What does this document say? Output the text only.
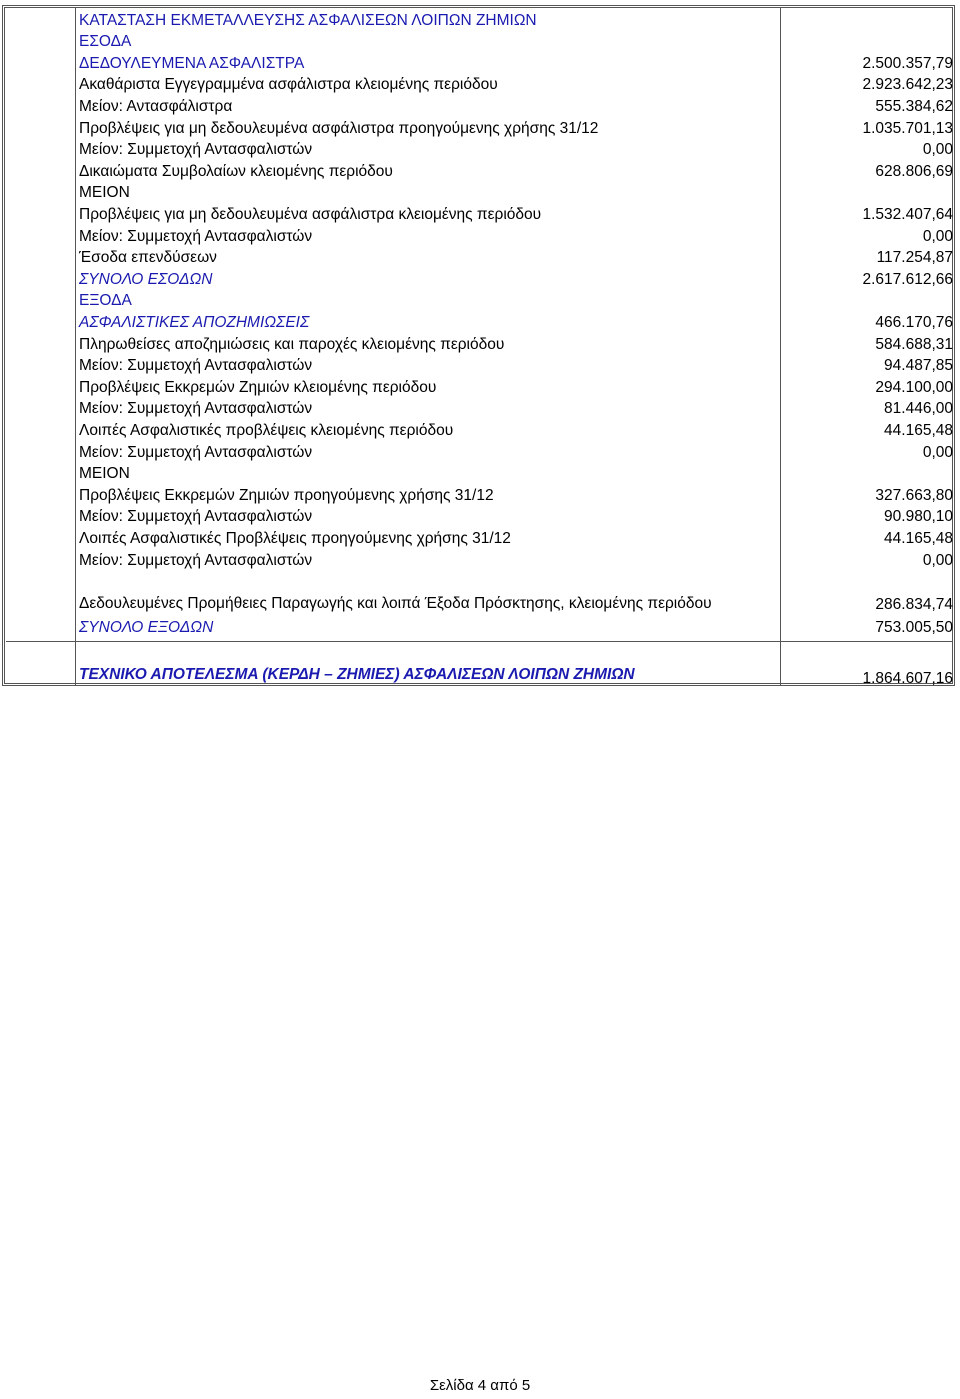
ΚΑΤΑΣΤΑΣΗ ΕΚΜΕΤΑΛΛΕΥΣΗΣ ΑΣΦΑΛΙΣΕΩΝ ΛΟΙΠΩΝ ΖΗΜΙΩΝ
ΕΣΟΔΑ
ΔΕΔΟΥΛΕΥΜΕΝΑ ΑΣΦΑΛΙΣΤΡΑ	2.500.357,79
Ακαθάριστα Εγγεγραμμένα ασφάλιστρα κλειομένης περιόδου	2.923.642,23
Μείον: Αντασφάλιστρα	555.384,62
Προβλέψεις για μη δεδουλευμένα ασφάλιστρα προηγούμενης χρήσης 31/12	1.035.701,13
Μείον: Συμμετοχή Αντασφαλιστών	0,00
Δικαιώματα Συμβολαίων κλειομένης περιόδου	628.806,69
ΜΕΙΟΝ
Προβλέψεις για μη δεδουλευμένα ασφάλιστρα κλειομένης περιόδου	1.532.407,64
Μείον: Συμμετοχή Αντασφαλιστών	0,00
Έσοδα επενδύσεων	117.254,87
ΣΥΝΟΛΟ ΕΣΟΔΩΝ	2.617.612,66
ΕΞΟΔΑ
ΑΣΦΑΛΙΣΤΙΚΕΣ ΑΠΟΖΗΜΙΩΣΕΙΣ	466.170,76
Πληρωθείσες αποζημιώσεις και παροχές κλειομένης περιόδου	584.688,31
Μείον: Συμμετοχή Αντασφαλιστών	94.487,85
Προβλέψεις Εκκρεμών Ζημιών κλειομένης περιόδου	294.100,00
Μείον: Συμμετοχή Αντασφαλιστών	81.446,00
Λοιπές Ασφαλιστικές προβλέψεις κλειομένης περιόδου	44.165,48
Μείον: Συμμετοχή Αντασφαλιστών	0,00
ΜΕΙΟΝ
Προβλέψεις Εκκρεμών Ζημιών προηγούμενης χρήσης 31/12	327.663,80
Μείον: Συμμετοχή Αντασφαλιστών	90.980,10
Λοιπές Ασφαλιστικές Προβλέψεις προηγούμενης χρήσης 31/12	44.165,48
Μείον: Συμμετοχή Αντασφαλιστών	0,00
Δεδουλευμένες Προμήθειες Παραγωγής και λοιπά Έξοδα Πρόσκτησης, κλειομένης περιόδου	286.834,74
ΣΥΝΟΛΟ ΕΞΟΔΩΝ	753.005,50
ΤΕΧΝΙΚΟ ΑΠΟΤΕΛΕΣΜΑ (ΚΕΡΔΗ – ΖΗΜΙΕΣ) ΑΣΦΑΛΙΣΕΩΝ ΛΟΙΠΩΝ ΖΗΜΙΩΝ	1.864.607,16
Σελίδα 4 από 5
